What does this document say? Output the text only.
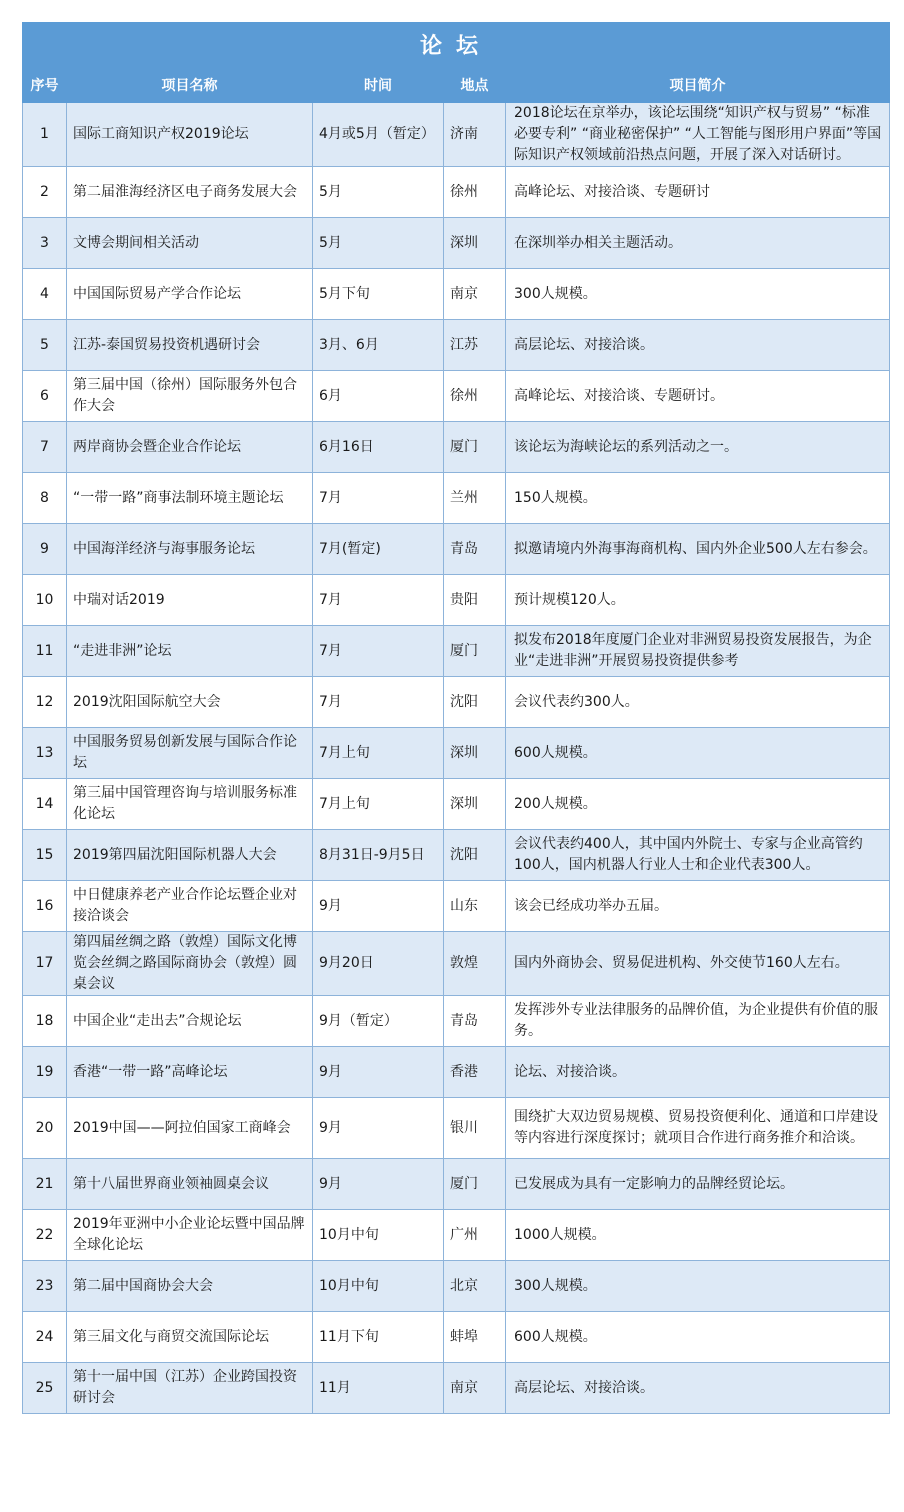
论坛				
序号	项目名称	时间	地点	项目简介
1	国际工商知识产权2019论坛	4月或5月（暂定）	济南	2018论坛在京举办，该论坛围绕“知识产权与贸易” “标准必要专利” “商业秘密保护” “人工智能与图形用户界面”等国际知识产权领域前沿热点问题，开展了深入对话研讨。
2	第二届淮海经济区电子商务发展大会	5月	徐州	高峰论坛、对接洽谈、专题研讨
3	文博会期间相关活动	5月	深圳	在深圳举办相关主题活动。
4	中国国际贸易产学合作论坛	5月下旬	南京	300人规模。
5	江苏-泰国贸易投资机遇研讨会	3月、6月	江苏	高层论坛、对接洽谈。
6	第三届中国（徐州）国际服务外包合作大会	6月	徐州	高峰论坛、对接洽谈、专题研讨。
7	两岸商协会暨企业合作论坛	6月16日	厦门	该论坛为海峡论坛的系列活动之一。
8	“一带一路”商事法制环境主题论坛	7月	兰州	150人规模。
9	中国海洋经济与海事服务论坛	7月(暂定)	青岛	拟邀请境内外海事海商机构、国内外企业500人左右参会。
10	中瑞对话2019	7月	贵阳	预计规模120人。
11	“走进非洲”论坛	7月	厦门	拟发布2018年度厦门企业对非洲贸易投资发展报告，为企业“走进非洲”开展贸易投资提供参考
12	2019沈阳国际航空大会	7月	沈阳	会议代表约300人。
13	中国服务贸易创新发展与国际合作论坛	7月上旬	深圳	600人规模。
14	第三届中国管理咨询与培训服务标准化论坛	7月上旬	深圳	200人规模。
15	2019第四届沈阳国际机器人大会	8月31日-9月5日	沈阳	会议代表约400人，其中国内外院士、专家与企业高管约100人，国内机器人行业人士和企业代表300人。
16	中日健康养老产业合作论坛暨企业对接洽谈会	9月	山东	该会已经成功举办五届。
17	第四届丝绸之路（敦煌）国际文化博览会丝绸之路国际商协会（敦煌）圆桌会议	9月20日	敦煌	国内外商协会、贸易促进机构、外交使节160人左右。
18	中国企业“走出去”合规论坛	9月（暂定）	青岛	发挥涉外专业法律服务的品牌价值，为企业提供有价值的服务。
19	香港“一带一路”高峰论坛	9月	香港	论坛、对接洽谈。
20	2019中国——阿拉伯国家工商峰会	9月	银川	围绕扩大双边贸易规模、贸易投资便利化、通道和口岸建设等内容进行深度探讨；就项目合作进行商务推介和洽谈。
21	第十八届世界商业领袖圆桌会议	9月	厦门	已发展成为具有一定影响力的品牌经贸论坛。
22	2019年亚洲中小企业论坛暨中国品牌全球化论坛	10月中旬	广州	1000人规模。
23	第二届中国商协会大会	10月中旬	北京	300人规模。
24	第三届文化与商贸交流国际论坛	11月下旬	蚌埠	600人规模。
25	第十一届中国（江苏）企业跨国投资研讨会	11月	南京	高层论坛、对接洽谈。
